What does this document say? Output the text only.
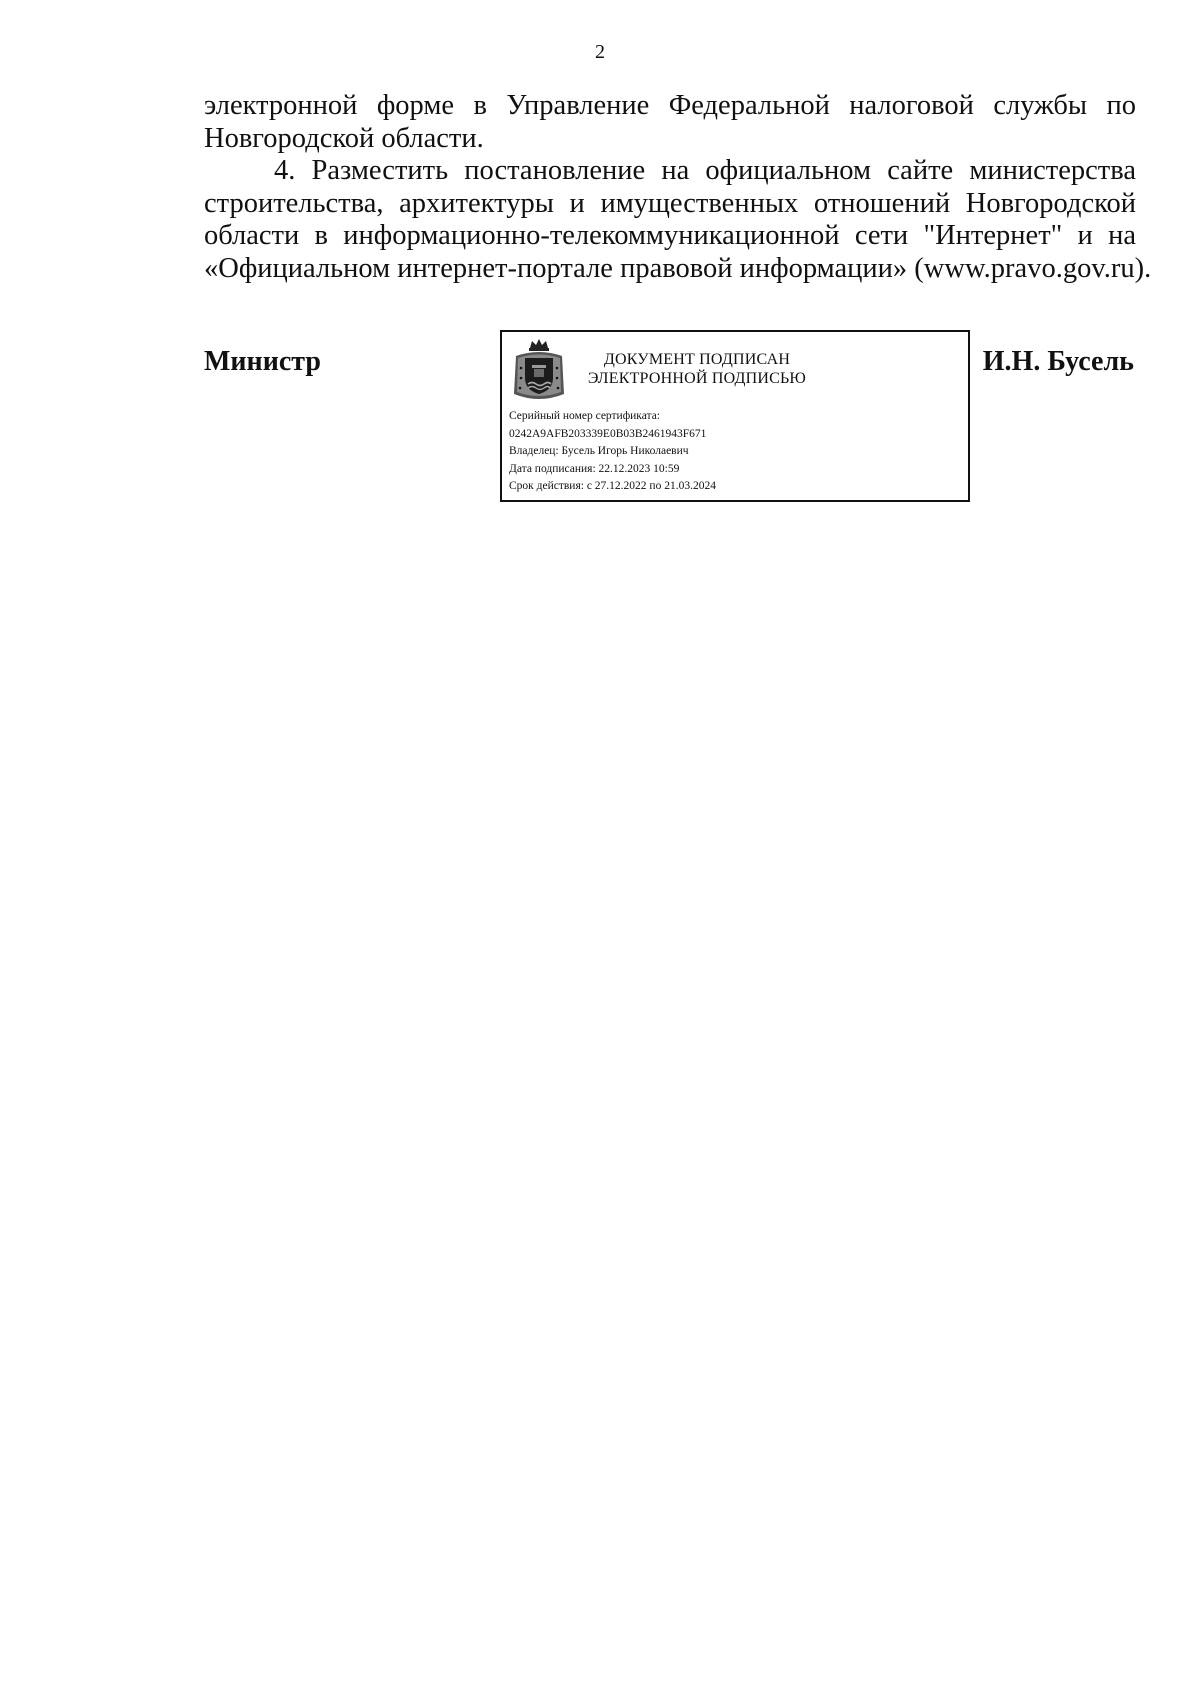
2

электронной форме в Управление Федеральной налоговой службы по
Новгородской области.

4. Разместить постановление на официальном сайте министерства
строительства, архитектуры и имущественных отношений Новгородской
области в информационно-телекоммуникационной сети "Интернет" и на
«Официальном интернет-портале правовой информации» (www.pravo.gov.ru).

Министр	ДОКУМЕНТ ПОДПИСАН
ЭЛЕКТРОННОЙ ПОДПИСЬЮ
Серийный номер сертификата:
0242A9AFB203339E0B03B2461943F671
Владелец: Бусель Игорь Николаевич
Дата подписания: 22.12.2023 10:59
Срок действия: с 27.12.2022 по 21.03.2024
И.Н. Бусель
